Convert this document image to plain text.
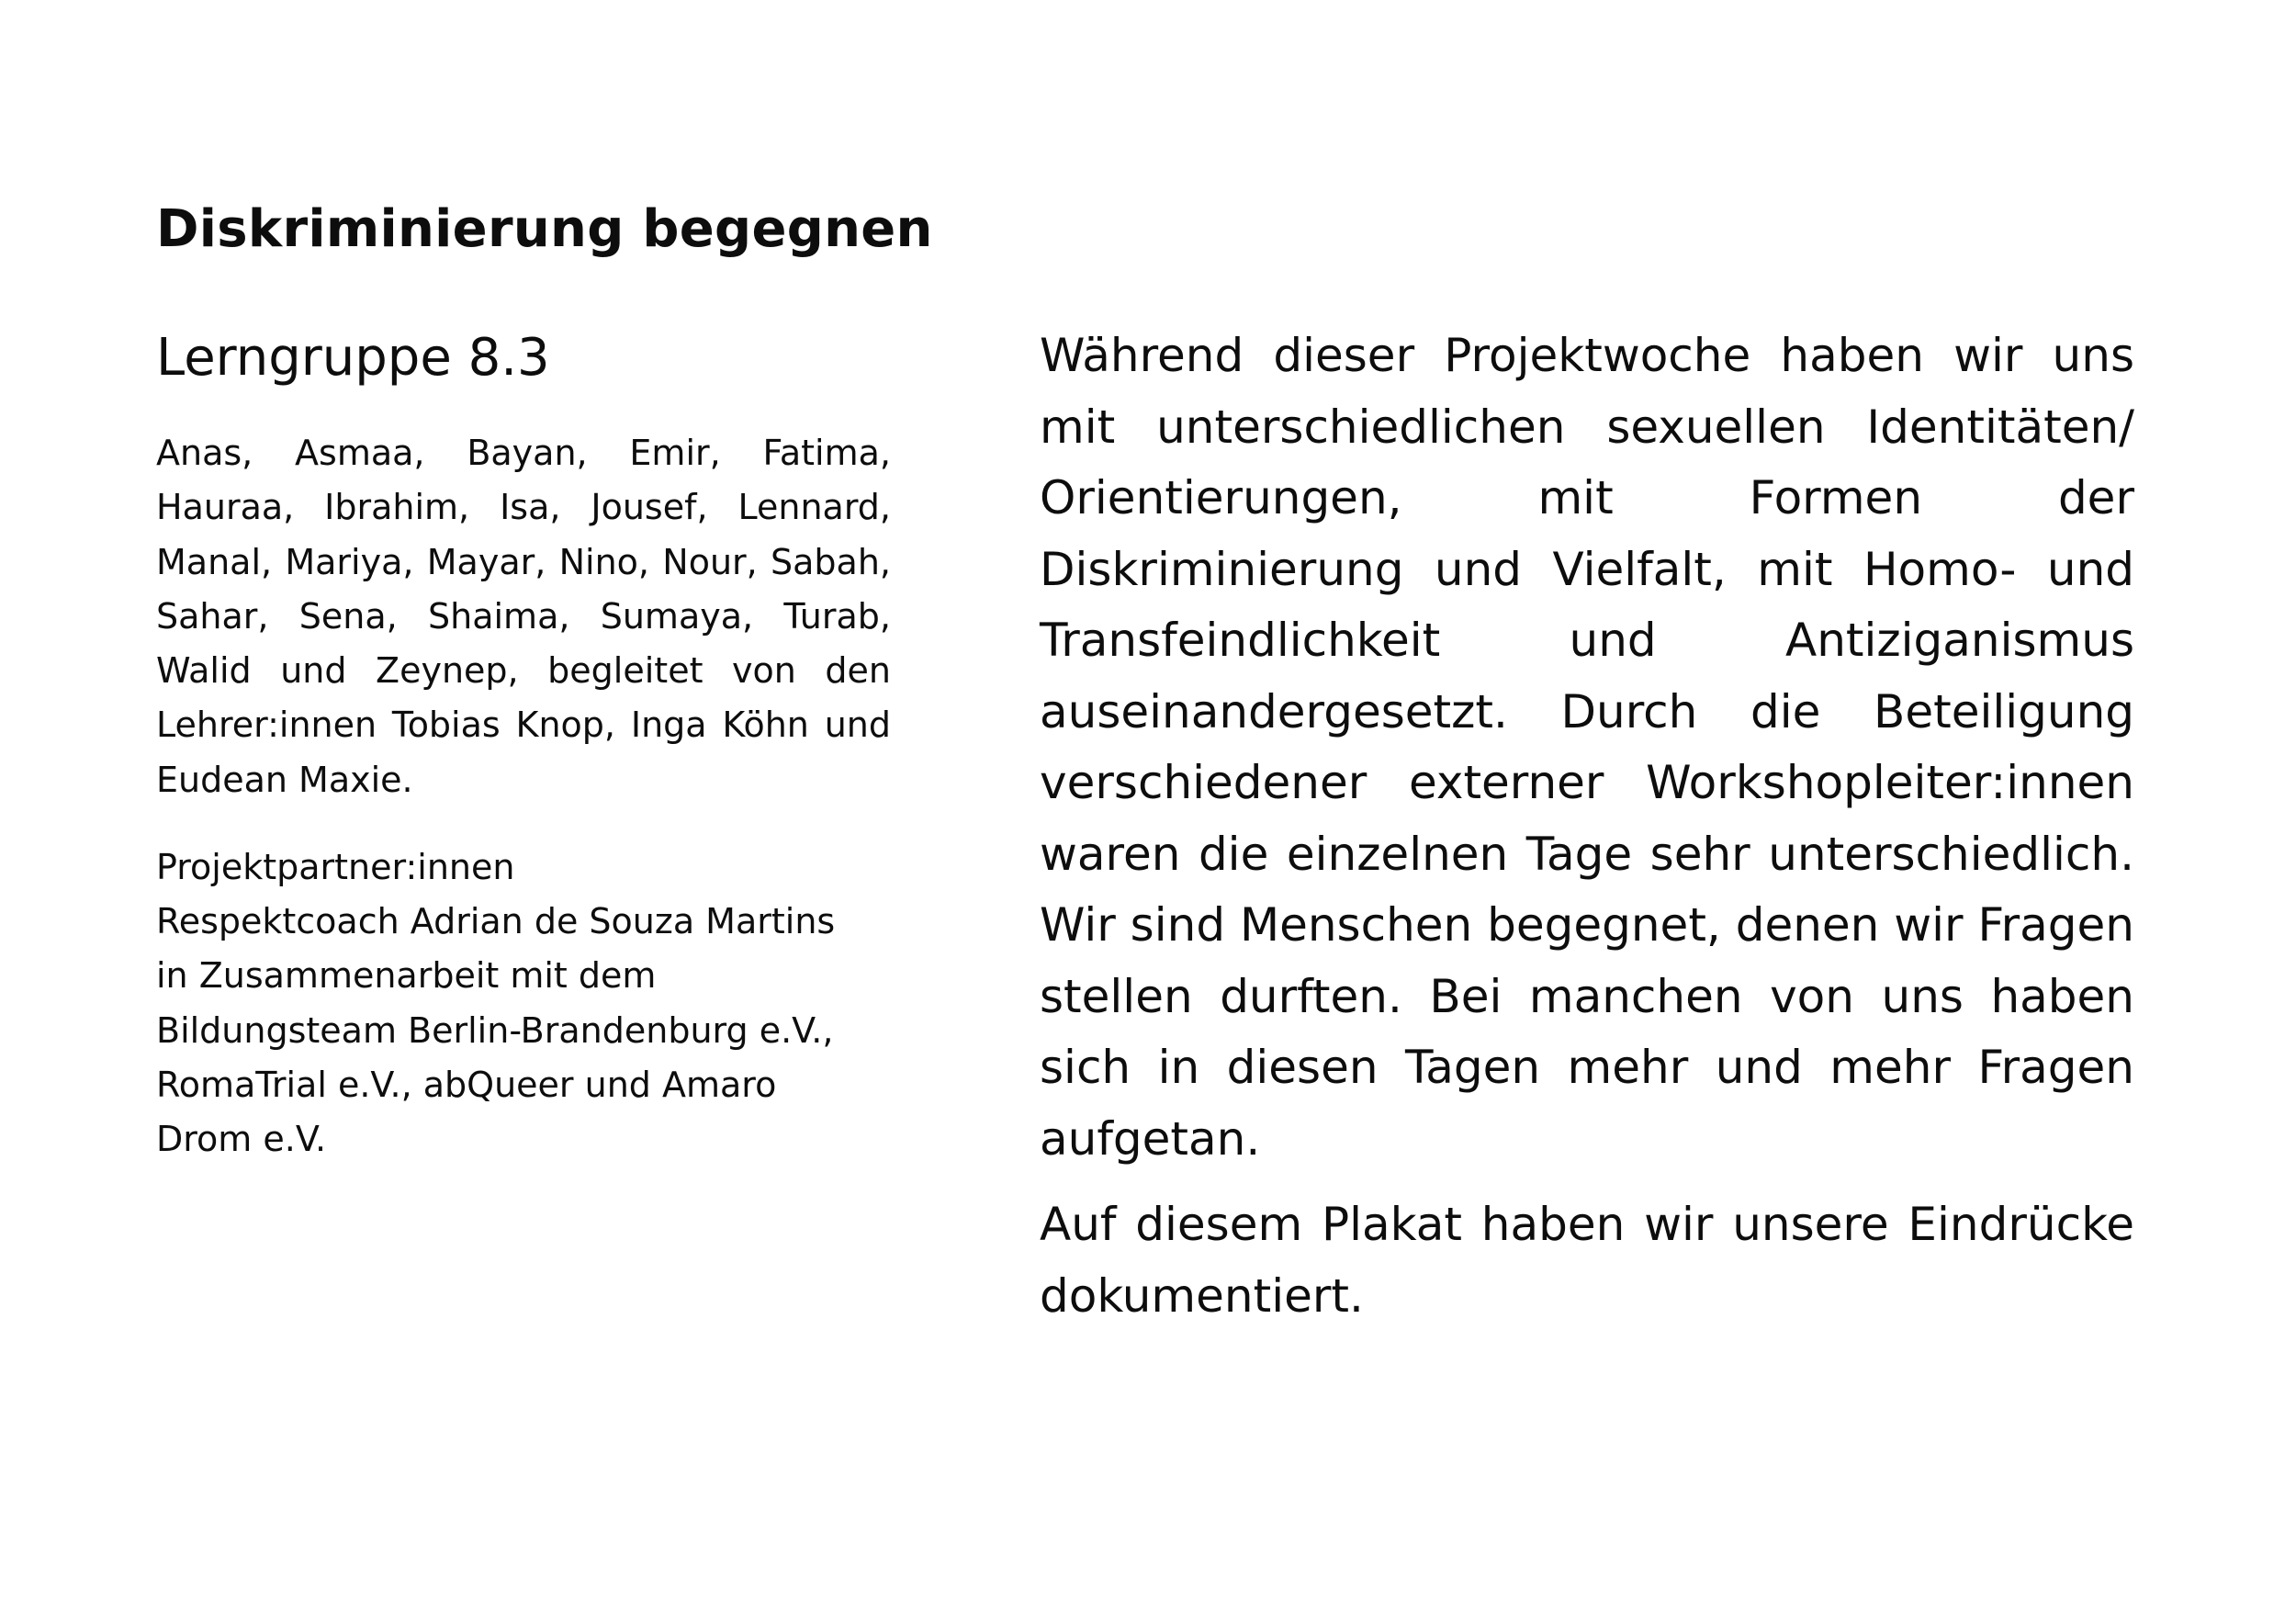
Diskriminierung begegnen
Lerngruppe 8.3

Anas, Asmaa, Bayan, Emir, Fatima, Hauraa, Ibrahim, Isa, Jousef, Lennard, Manal, Mariya, Mayar, Nino, Nour, Sabah, Sahar, Sena, Shaima, Sumaya, Turab, Walid und Zeynep, begleitet von den Lehrer:innen Tobias Knop, Inga Köhn und Eudean Maxie.

Projektpartner:innen

Respektcoach Adrian de Souza Martins
in Zusammenarbeit mit dem
Bildungsteam Berlin-Brandenburg e.V.,
RomaTrial e.V., abQueer und Amaro
Drom e.V.

Während dieser Projektwoche haben wir uns mit unterschiedlichen sexuellen Identitäten/ Orientierungen, mit Formen der Diskriminierung und Vielfalt, mit Homo- und Transfeindlichkeit und Antiziganismus auseinandergesetzt. Durch die Beteiligung verschiedener externer Workshopleiter:innen waren die einzelnen Tage sehr unterschiedlich. Wir sind Menschen begegnet, denen wir Fragen stellen durften. Bei manchen von uns haben sich in diesen Tagen mehr und mehr Fragen aufgetan.

Auf diesem Plakat haben wir unsere Eindrücke dokumentiert.
